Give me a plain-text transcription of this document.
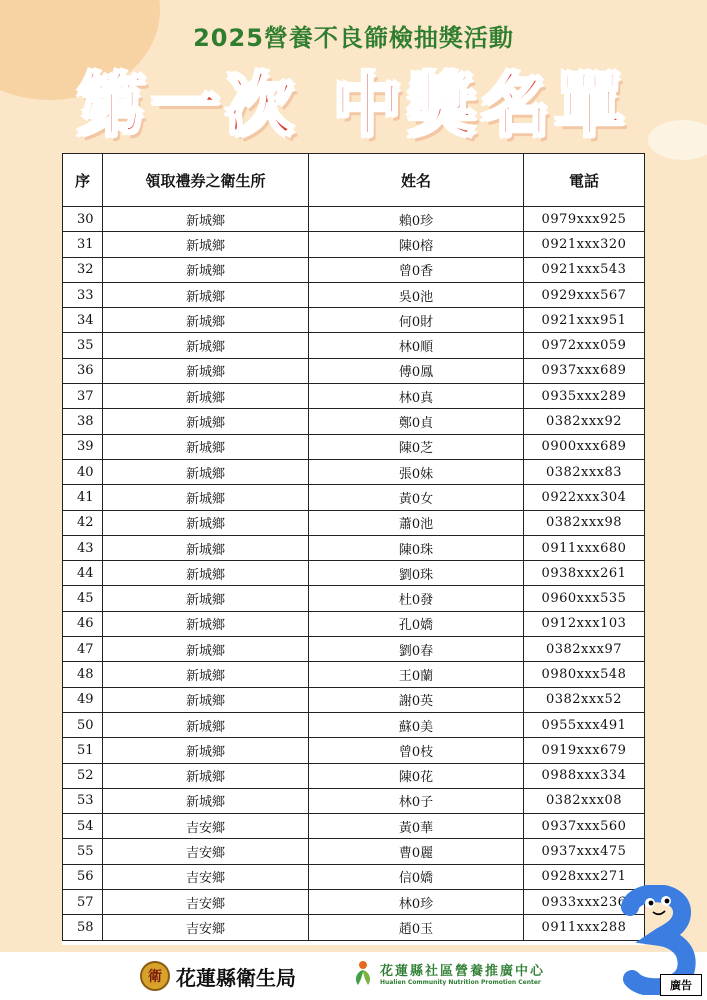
2025營養不良篩檢抽獎活動
第一次 中獎名單
序	領取禮券之衛生所	姓名	電話
30	新城鄉	賴0珍	0979xxx925
31	新城鄉	陳0榕	0921xxx320
32	新城鄉	曾0香	0921xxx543
33	新城鄉	吳0池	0929xxx567
34	新城鄉	何0財	0921xxx951
35	新城鄉	林0順	0972xxx059
36	新城鄉	傅0鳳	0937xxx689
37	新城鄉	林0真	0935xxx289
38	新城鄉	鄭0貞	0382xxx92
39	新城鄉	陳0芝	0900xxx689
40	新城鄉	張0妹	0382xxx83
41	新城鄉	黃0女	0922xxx304
42	新城鄉	蕭0池	0382xxx98
43	新城鄉	陳0珠	0911xxx680
44	新城鄉	劉0珠	0938xxx261
45	新城鄉	杜0發	0960xxx535
46	新城鄉	孔0嬌	0912xxx103
47	新城鄉	劉0春	0382xxx97
48	新城鄉	王0蘭	0980xxx548
49	新城鄉	謝0英	0382xxx52
50	新城鄉	蘇0美	0955xxx491
51	新城鄉	曾0枝	0919xxx679
52	新城鄉	陳0花	0988xxx334
53	新城鄉	林0子	0382xxx08
54	吉安鄉	黃0華	0937xxx560
55	吉安鄉	曹0麗	0937xxx475
56	吉安鄉	信0嬌	0928xxx271
57	吉安鄉	林0珍	0933xxx236
58	吉安鄉	趙0玉	0911xxx288
衛 花蓮縣衛生局	花蓮縣社區營養推廣中心
Hualien Community Nutrition Promotion Center	廣告
